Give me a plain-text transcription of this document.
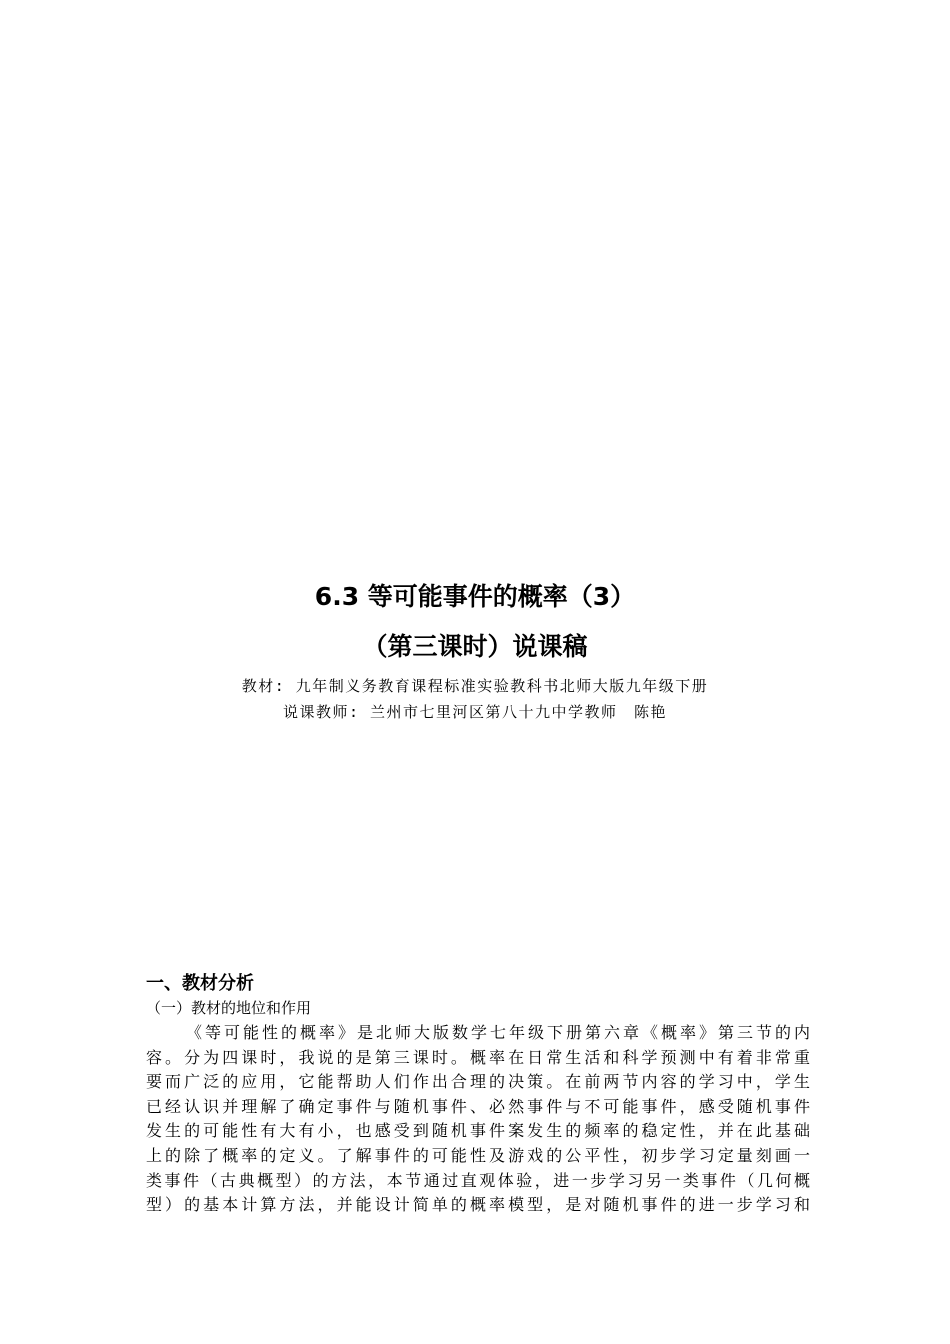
6.3 等可能事件的概率（3）
（第三课时）说课稿
教材: 九年制义务教育课程标准实验教科书北师大版九年级下册
说课教师: 兰州市七里河区第八十九中学教师　陈艳
一、教材分析
（一）教材的地位和作用
《等可能性的概率》是北师大版数学七年级下册第六章《概率》第三节的内
容。分为四课时，我说的是第三课时。概率在日常生活和科学预测中有着非常重
要而广泛的应用，它能帮助人们作出合理的决策。在前两节内容的学习中，学生
已经认识并理解了确定事件与随机事件、必然事件与不可能事件，感受随机事件
发生的可能性有大有小，也感受到随机事件案发生的频率的稳定性，并在此基础
上的除了概率的定义。了解事件的可能性及游戏的公平性，初步学习定量刻画一
类事件（古典概型）的方法，本节通过直观体验，进一步学习另一类事件（几何概
型）的基本计算方法，并能设计简单的概率模型，是对随机事件的进一步学习和
